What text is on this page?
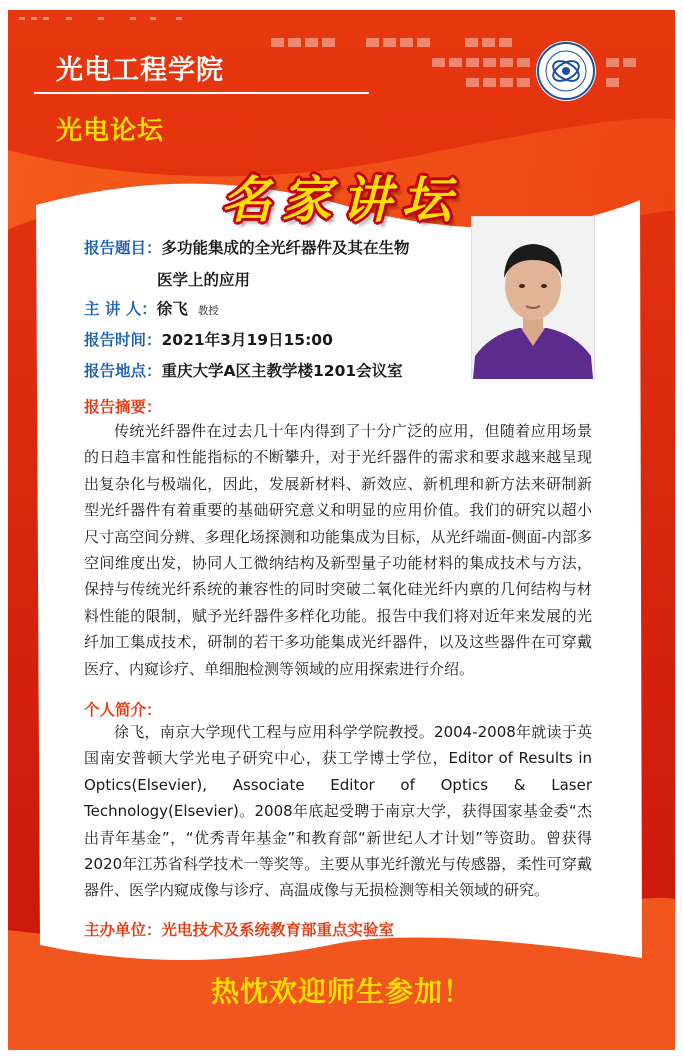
光电工程学院
光电论坛
名家讲坛
报告题目：多功能集成的全光纤器件及其在生物
医学上的应用
主 讲 人：徐飞 教授
报告时间：2021年3月19日15:00
报告地点：重庆大学A区主教学楼1201会议室
报告摘要：
传统光纤器件在过去几十年内得到了十分广泛的应用，但随着应用场景的日趋丰富和性能指标的不断攀升，对于光纤器件的需求和要求越来越呈现出复杂化与极端化，因此，发展新材料、新效应、新机理和新方法来研制新型光纤器件有着重要的基础研究意义和明显的应用价值。我们的研究以超小尺寸高空间分辨、多理化场探测和功能集成为目标，从光纤端面-侧面-内部多空间维度出发，协同人工微纳结构及新型量子功能材料的集成技术与方法，保持与传统光纤系统的兼容性的同时突破二氧化硅光纤内禀的几何结构与材料性能的限制，赋予光纤器件多样化功能。报告中我们将对近年来发展的光纤加工集成技术，研制的若干多功能集成光纤器件，以及这些器件在可穿戴医疗、内窥诊疗、单细胞检测等领域的应用探索进行介绍。
个人简介：
徐飞，南京大学现代工程与应用科学学院教授。2004-2008年就读于英国南安普顿大学光电子研究中心，获工学博士学位，Editor of Results in Optics(Elsevier), Associate Editor of Optics & Laser Technology(Elsevier)。2008年底起受聘于南京大学，获得国家基金委“杰出青年基金”，“优秀青年基金”和教育部“新世纪人才计划”等资助。曾获得2020年江苏省科学技术一等奖等。主要从事光纤激光与传感器，柔性可穿戴器件、医学内窥成像与诊疗、高温成像与无损检测等相关领域的研究。
主办单位：光电技术及系统教育部重点实验室
热忱欢迎师生参加！
